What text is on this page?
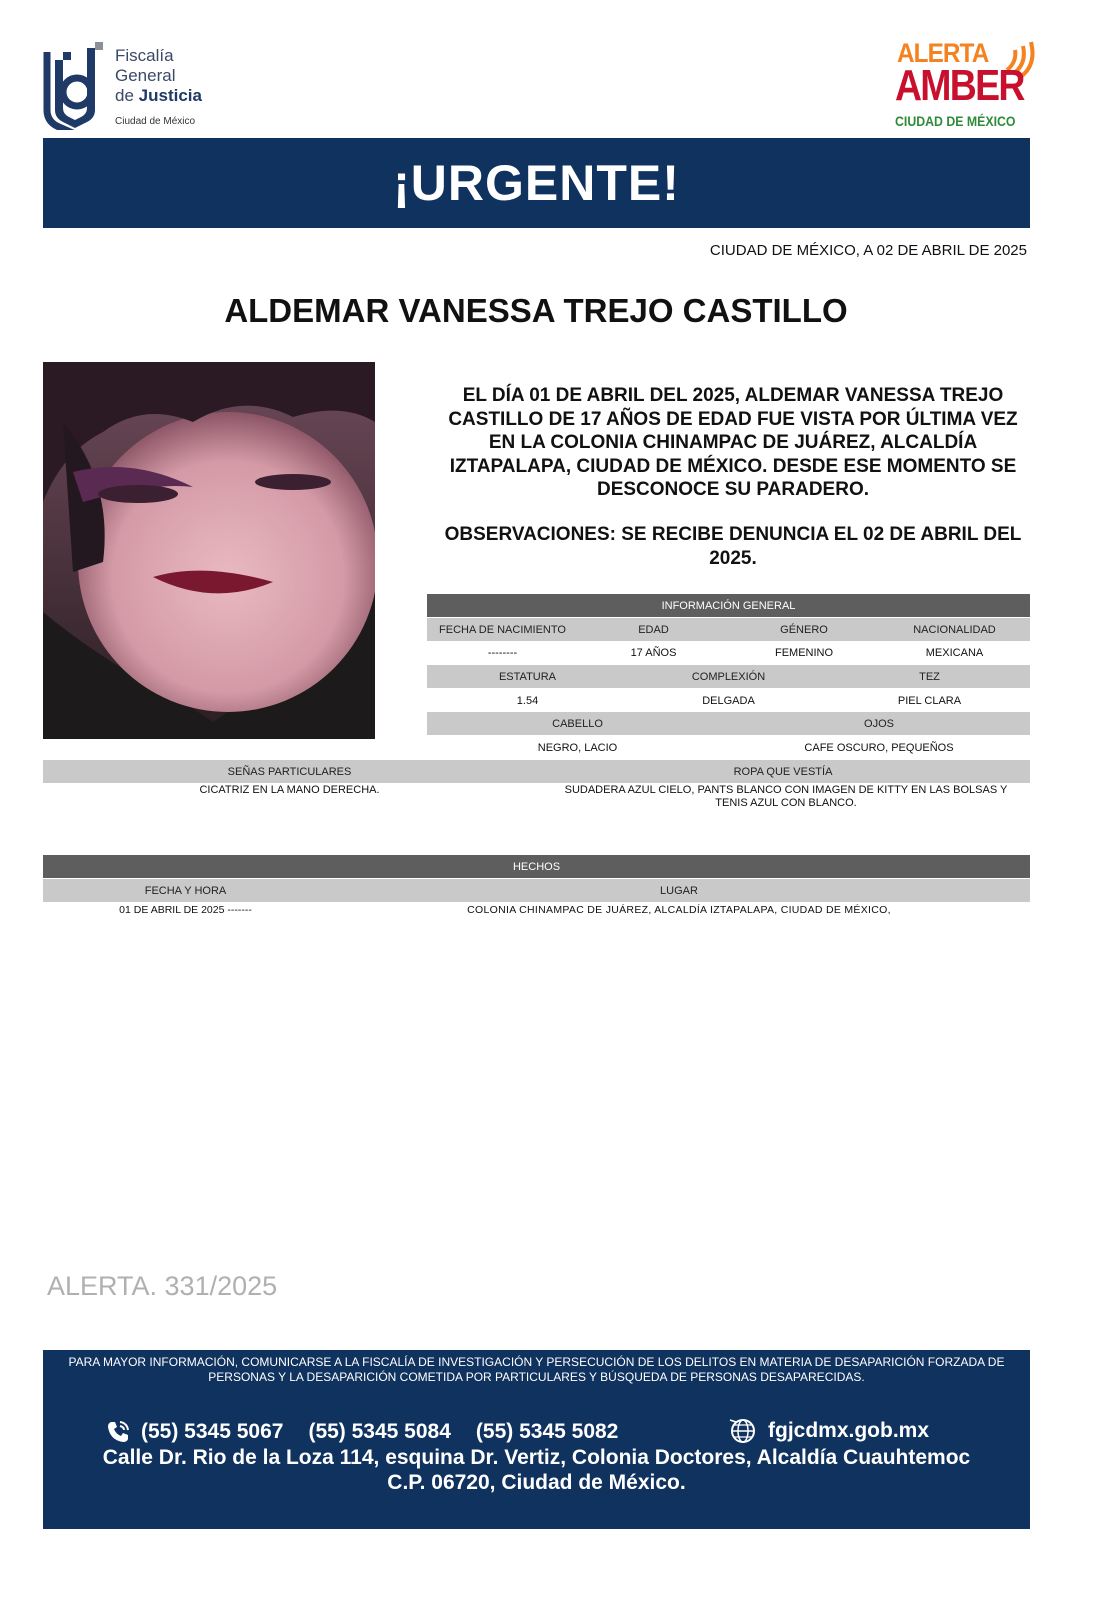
Fiscalía
General
de Justicia
Ciudad de México
ALERTA
AMBER
CIUDAD DE MÉXICO
¡URGENTE!
CIUDAD DE MÉXICO, A 02 DE ABRIL DE 2025
ALDEMAR VANESSA TREJO CASTILLO
EL DÍA 01 DE ABRIL DEL 2025, ALDEMAR VANESSA TREJO CASTILLO DE 17 AÑOS DE EDAD FUE VISTA POR ÚLTIMA VEZ EN LA COLONIA CHINAMPAC DE JUÁREZ, ALCALDÍA IZTAPALAPA, CIUDAD DE MÉXICO. DESDE ESE MOMENTO SE DESCONOCE SU PARADERO.
OBSERVACIONES: SE RECIBE DENUNCIA EL 02 DE ABRIL DEL 2025.
INFORMACIÓN GENERAL
FECHA DE NACIMIENTO	EDAD	GÉNERO	NACIONALIDAD
--------	17 AÑOS	FEMENINO	MEXICANA
ESTATURA	COMPLEXIÓN	TEZ
1.54	DELGADA	PIEL CLARA
CABELLO	OJOS
NEGRO, LACIO	CAFE OSCURO, PEQUEÑOS
SEÑAS PARTICULARES	ROPA QUE VESTÍA
CICATRIZ EN LA MANO DERECHA.	SUDADERA AZUL CIELO, PANTS BLANCO CON IMAGEN DE KITTY EN LAS BOLSAS Y TENIS AZUL CON BLANCO.
HECHOS
FECHA Y HORA	LUGAR
01 DE ABRIL DE 2025 -------	COLONIA CHINAMPAC DE JUÁREZ, ALCALDÍA IZTAPALAPA, CIUDAD DE MÉXICO,
ALERTA. 331/2025
PARA MAYOR INFORMACIÓN, COMUNICARSE A LA FISCALÍA DE INVESTIGACIÓN Y PERSECUCIÓN DE LOS DELITOS EN MATERIA DE DESAPARICIÓN FORZADA DE PERSONAS Y LA DESAPARICIÓN COMETIDA POR PARTICULARES Y BÚSQUEDA DE PERSONAS DESAPARECIDAS.
(55) 5345 5067 (55) 5345 5084 (55) 5345 5082	fgjcdmx.gob.mx
Calle Dr. Rio de la Loza 114, esquina Dr. Vertiz, Colonia Doctores, Alcaldía Cuauhtemoc
C.P. 06720, Ciudad de México.
